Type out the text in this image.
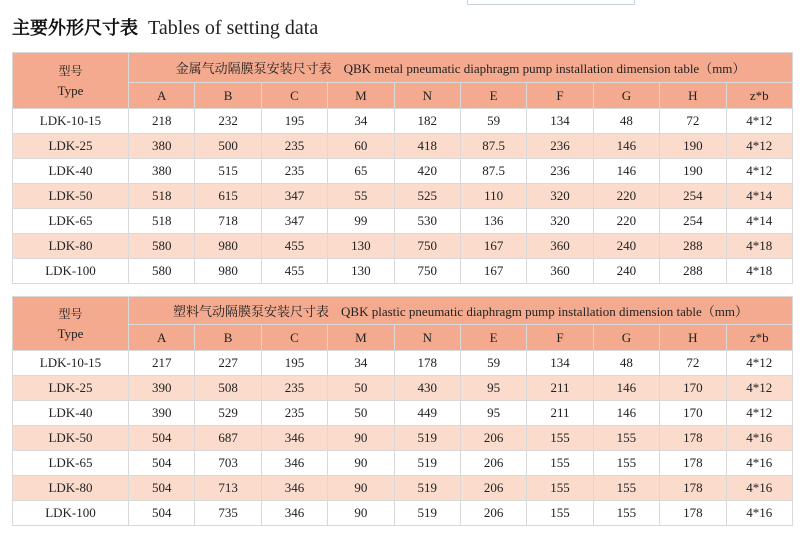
主要外形尺寸表 Tables of setting data
型号
Type	金属气动隔膜泵安装尺寸表 QBK metal pneumatic diaphragm pump installation dimension table（mm）									
	A	B	C	M	N	E	F	G	H	z*b
LDK-10-15	218	232	195	34	182	59	134	48	72	4*12
LDK-25	380	500	235	60	418	87.5	236	146	190	4*12
LDK-40	380	515	235	65	420	87.5	236	146	190	4*12
LDK-50	518	615	347	55	525	110	320	220	254	4*14
LDK-65	518	718	347	99	530	136	320	220	254	4*14
LDK-80	580	980	455	130	750	167	360	240	288	4*18
LDK-100	580	980	455	130	750	167	360	240	288	4*18
型号
Type	塑料气动隔膜泵安装尺寸表 QBK plastic pneumatic diaphragm pump installation dimension table（mm）									
	A	B	C	M	N	E	F	G	H	z*b
LDK-10-15	217	227	195	34	178	59	134	48	72	4*12
LDK-25	390	508	235	50	430	95	211	146	170	4*12
LDK-40	390	529	235	50	449	95	211	146	170	4*12
LDK-50	504	687	346	90	519	206	155	155	178	4*16
LDK-65	504	703	346	90	519	206	155	155	178	4*16
LDK-80	504	713	346	90	519	206	155	155	178	4*16
LDK-100	504	735	346	90	519	206	155	155	178	4*16
